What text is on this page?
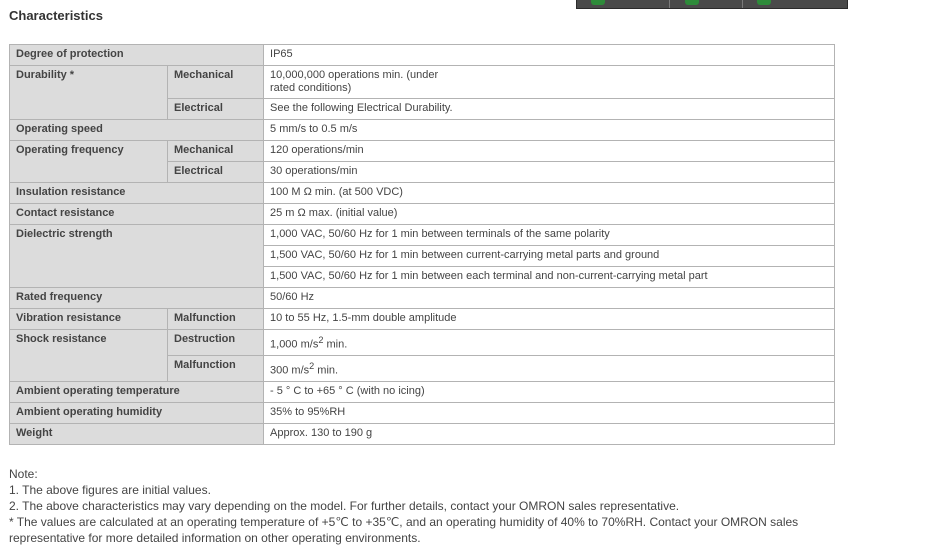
Characteristics
Degree of protection		IP65
Durability *	Mechanical	10,000,000 operations min. (under
rated conditions)
	Electrical	See the following Electrical Durability.
Operating speed		5 mm/s to 0.5 m/s
Operating frequency	Mechanical	120 operations/min
	Electrical	30 operations/min
Insulation resistance		100 M Ω min. (at 500 VDC)
Contact resistance		25 m Ω max. (initial value)
Dielectric strength		1,000 VAC, 50/60 Hz for 1 min between terminals of the same polarity
		1,500 VAC, 50/60 Hz for 1 min between current-carrying metal parts and ground
		1,500 VAC, 50/60 Hz for 1 min between each terminal and non-current-carrying metal part
Rated frequency		50/60 Hz
Vibration resistance	Malfunction	10 to 55 Hz, 1.5-mm double amplitude
Shock resistance	Destruction	1,000 $m/s^2$ min.
	Malfunction	300 $m/s^2$ min.
Ambient operating temperature		- 5 ° C to +65 ° C (with no icing)
Ambient operating humidity		35% to 95%RH
Weight		Approx. 130 to 190 g

Note:

1. The above figures are initial values.

2. The above characteristics may vary depending on the model. For further details, contact your OMRON sales representative.

* The values are calculated at an operating temperature of +5℃ to +35℃, and an operating humidity of 40% to 70%RH. Contact your OMRON sales representative for more detailed information on other operating environments.
